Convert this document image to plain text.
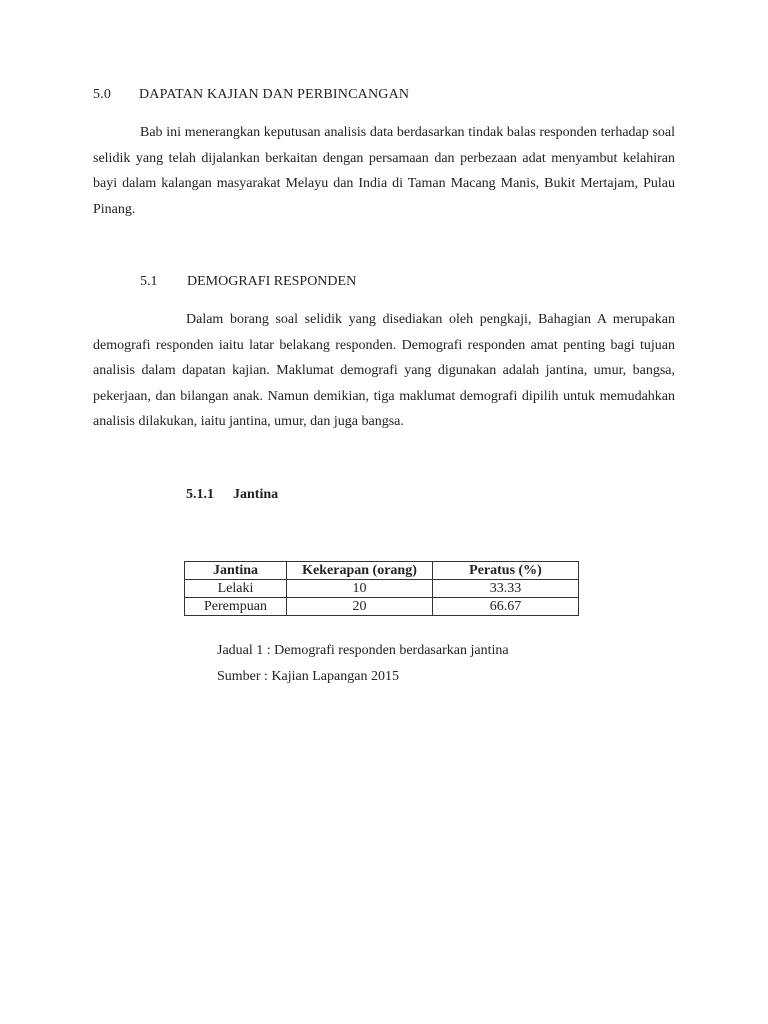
5.0 DAPATAN KAJIAN DAN PERBINCANGAN
Bab ini menerangkan keputusan analisis data berdasarkan tindak balas responden terhadap soal selidik yang telah dijalankan berkaitan dengan persamaan dan perbezaan adat menyambut kelahiran bayi dalam kalangan masyarakat Melayu dan India di Taman Macang Manis, Bukit Mertajam, Pulau Pinang.
5.1 DEMOGRAFI RESPONDEN
Dalam borang soal selidik yang disediakan oleh pengkaji, Bahagian A merupakan demografi responden iaitu latar belakang responden. Demografi responden amat penting bagi tujuan analisis dalam dapatan kajian. Maklumat demografi yang digunakan adalah jantina, umur, bangsa, pekerjaan, dan bilangan anak. Namun demikian, tiga maklumat demografi dipilih untuk memudahkan analisis dilakukan, iaitu jantina, umur, dan juga bangsa.
5.1.1 Jantina
Jantina	Kekerapan (orang)	Peratus (%)
Lelaki	10	33.33
Perempuan	20	66.67
Jadual 1 : Demografi responden berdasarkan jantina
Sumber : Kajian Lapangan 2015
